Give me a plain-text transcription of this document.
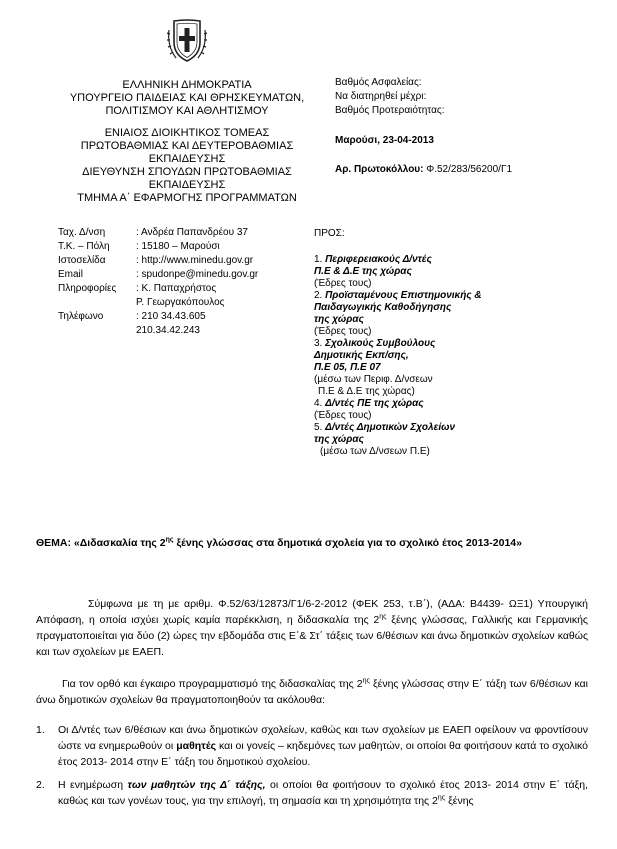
ΕΛΛΗΝΙΚΗ ΔΗΜΟΚΡΑΤΙΑ
ΥΠΟΥΡΓΕΙΟ ΠΑΙΔΕΙΑΣ ΚΑΙ ΘΡΗΣΚΕΥΜΑΤΩΝ,
ΠΟΛΙΤΙΣΜΟΥ ΚΑΙ ΑΘΛΗΤΙΣΜΟΥ
ΕΝΙΑΙΟΣ ΔΙΟΙΚΗΤΙΚΟΣ ΤΟΜΕΑΣ
ΠΡΩΤΟΒΑΘΜΙΑΣ ΚΑΙ ΔΕΥΤΕΡΟΒΑΘΜΙΑΣ
ΕΚΠΑΙΔΕΥΣΗΣ
ΔΙΕΥΘΥΝΣΗ ΣΠΟΥΔΩΝ ΠΡΩΤΟΒΑΘΜΙΑΣ
ΕΚΠΑΙΔΕΥΣΗΣ
ΤΜΗΜΑ Α΄ ΕΦΑΡΜΟΓΗΣ ΠΡΟΓΡΑΜΜΑΤΩΝ
Βαθμός Ασφαλείας:
Να διατηρηθεί μέχρι:
Βαθμός Προτεραιότητας:
Μαρούσι, 23-04-2013
Αρ. Πρωτοκόλλου: Φ.52/283/56200/Γ1
Ταχ. Δ/νση	: Ανδρέα Παπανδρέου 37
Τ.Κ. – Πόλη	: 15180 – Μαρούσι
Ιστοσελίδα	: http://www.minedu.gov.gr
Email	: spudonpe@minedu.gov.gr
Πληροφορίες : Κ. Παπαχρήστος
Ρ. Γεωργακόπουλος
Τηλέφωνο	: 210 34.43.605
210.34.42.243
ΠΡΟΣ:
1. Περιφερειακούς Δ/ντές
Π.Ε & Δ.Ε της χώρας
(Έδρες τους)
2. Προϊσταμένους Επιστημονικής &
Παιδαγωγικής Καθοδήγησης
της χώρας
(Έδρες τους)
3. Σχολικούς Συμβούλους
Δημοτικής Εκπ/σης,
Π.Ε 05, Π.Ε 07
(μέσω των Περιφ. Δ/νσεων
Π.Ε & Δ.Ε της χώρας)
4. Δ/ντές ΠΕ της χώρας
(Έδρες τους)
5. Δ/ντές Δημοτικών Σχολείων
της χώρας
(μέσω των Δ/νσεων Π.Ε)
ΘΕΜΑ: «Διδασκαλία της $2^{\eta\varsigma}$ ξένης γλώσσας στα δημοτικά σχολεία για το σχολικό έτος 2013-2014»
Σύμφωνα με τη με αριθμ. Φ.52/63/12873/Γ1/6-2-2012 (ΦΕΚ 253, τ.Β΄), (ΑΔΑ: Β4439- ΩΞ1) Υπουργική Απόφαση, η οποία ισχύει χωρίς καμία παρέκκλιση, η διδασκαλία της $2^{\eta\varsigma}$ ξένης γλώσσας, Γαλλικής και Γερμανικής πραγματοποιείται για δύο (2) ώρες την εβδομάδα στις Ε΄& Στ΄ τάξεις των 6/θέσιων και άνω δημοτικών σχολείων καθώς και των σχολείων με ΕΑΕΠ.
Για τον ορθό και έγκαιρο προγραμματισμό της διδασκαλίας της $2^{\eta\varsigma}$ ξένης γλώσσας στην Ε΄ τάξη των 6/θέσιων και άνω δημοτικών σχολείων θα πραγματοποιηθούν τα ακόλουθα:
1. Οι Δ/ντές των 6/θέσιων και άνω δημοτικών σχολείων, καθώς και των σχολείων με ΕΑΕΠ οφείλουν να φροντίσουν ώστε να ενημερωθούν οι μαθητές και οι γονείς – κηδεμόνες των μαθητών, οι οποίοι θα φοιτήσουν κατά το σχολικό έτος 2013- 2014 στην Ε΄ τάξη του δημοτικού σχολείου.
2. Η ενημέρωση των μαθητών της Δ΄ τάξης, οι οποίοι θα φοιτήσουν το σχολικό έτος 2013- 2014 στην Ε΄ τάξη, καθώς και των γονέων τους, για την επιλογή, τη σημασία και τη χρησιμότητα της $2^{\eta\varsigma}$ ξένης
